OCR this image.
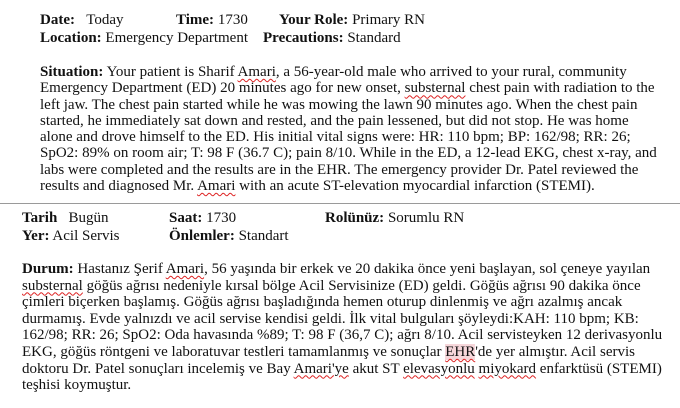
Date: Today	Time: 1730 Your Role: Primary RN
Location: Emergency Department Precautions: Standard

Situation: Your patient is Sharif Amari, a 56-year-old male who arrived to your rural, community Emergency Department (ED) 20 minutes ago for new onset, substernal chest pain with radiation to the left jaw. The chest pain started while he was mowing the lawn 90 minutes ago. When the chest pain started, he immediately sat down and rested, and the pain lessened, but did not stop. He was home alone and drove himself to the ED. His initial vital signs were: HR: 110 bpm; BP: 162/98; RR: 26; SpO2: 89% on room air; T: 98 F (36.7 C); pain 8/10. While in the ED, a 12-lead EKG, chest x-ray, and labs were completed and the results are in the EHR. The emergency provider Dr. Patel reviewed the results and diagnosed Mr. Amari with an acute ST-elevation myocardial infarction (STEMI).

Tarih Bugün	Saat: 1730	Rolünüz: Sorumlu RN
Yer: Acil Servis	Önlemler: Standart

Durum: Hastanız Şerif Amari, 56 yaşında bir erkek ve 20 dakika önce yeni başlayan, sol çeneye yayılan substernal göğüs ağrısı nedeniyle kırsal bölge Acil Servisinize (ED) geldi. Göğüs ağrısı 90 dakika önce çimleri biçerken başlamış. Göğüs ağrısı başladığında hemen oturup dinlenmiş ve ağrı azalmış ancak durmamış. Evde yalnızdı ve acil servise kendisi geldi. İlk vital bulguları şöyleydi:KAH: 110 bpm; KB: 162/98; RR: 26; SpO2: Oda havasında %89; T: 98 F (36,7 C); ağrı 8/10. Acil servisteyken 12 derivasyonlu EKG, göğüs röntgeni ve laboratuvar testleri tamamlanmış ve sonuçlar EHR'de yer almıştır. Acil servis doktoru Dr. Patel sonuçları incelemiş ve Bay Amari'ye akut ST elevasyonlu miyokard enfarktüsü (STEMI) teşhisi koymuştur.
